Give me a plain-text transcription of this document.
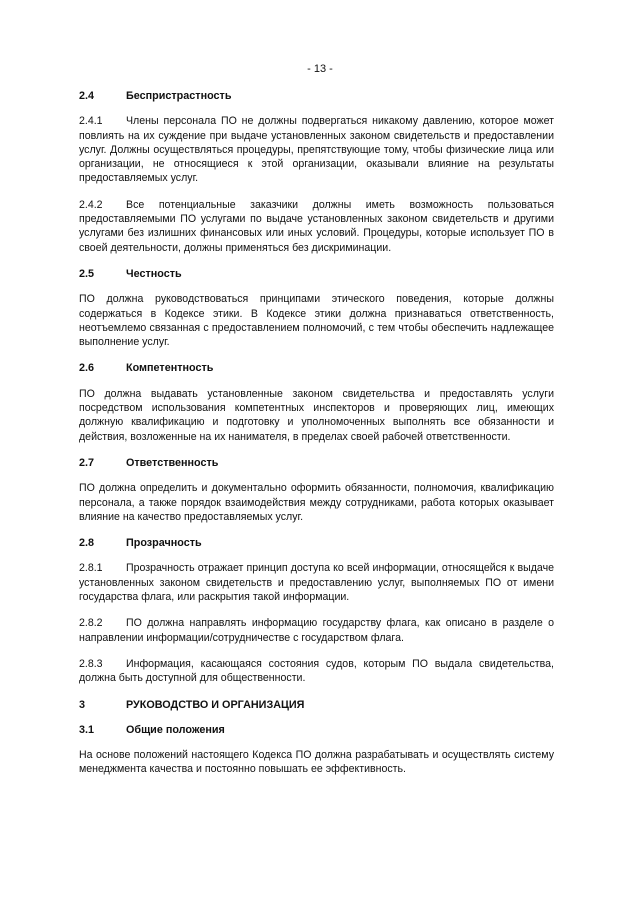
- 13 -
2.4	Беспристрастность
2.4.1 Члены персонала ПО не должны подвергаться никакому давлению, которое может повлиять на их суждение при выдаче установленных законом свидетельств и предоставлении услуг. Должны осуществляться процедуры, препятствующие тому, чтобы физические лица или организации, не относящиеся к этой организации, оказывали влияние на результаты предоставляемых услуг.
2.4.2 Все потенциальные заказчики должны иметь возможность пользоваться предоставляемыми ПО услугами по выдаче установленных законом свидетельств и другими услугами без излишних финансовых или иных условий. Процедуры, которые использует ПО в своей деятельности, должны применяться без дискриминации.
2.5	Честность
ПО должна руководствоваться принципами этического поведения, которые должны содержаться в Кодексе этики. В Кодексе этики должна признаваться ответственность, неотъемлемо связанная с предоставлением полномочий, с тем чтобы обеспечить надлежащее выполнение услуг.
2.6	Компетентность
ПО должна выдавать установленные законом свидетельства и предоставлять услуги посредством использования компетентных инспекторов и проверяющих лиц, имеющих должную квалификацию и подготовку и уполномоченных выполнять все обязанности и действия, возложенные на их нанимателя, в пределах своей рабочей ответственности.
2.7	Ответственность
ПО должна определить и документально оформить обязанности, полномочия, квалификацию персонала, а также порядок взаимодействия между сотрудниками, работа которых оказывает влияние на качество предоставляемых услуг.
2.8	Прозрачность
2.8.1 Прозрачность отражает принцип доступа ко всей информации, относящейся к выдаче установленных законом свидетельств и предоставлению услуг, выполняемых ПО от имени государства флага, или раскрытия такой информации.
2.8.2 ПО должна направлять информацию государству флага, как описано в разделе о направлении информации/сотрудничестве с государством флага.
2.8.3 Информация, касающаяся состояния судов, которым ПО выдала свидетельства, должна быть доступной для общественности.
3	РУКОВОДСТВО И ОРГАНИЗАЦИЯ
3.1	Общие положения
На основе положений настоящего Кодекса ПО должна разрабатывать и осуществлять систему менеджмента качества и постоянно повышать ее эффективность.
